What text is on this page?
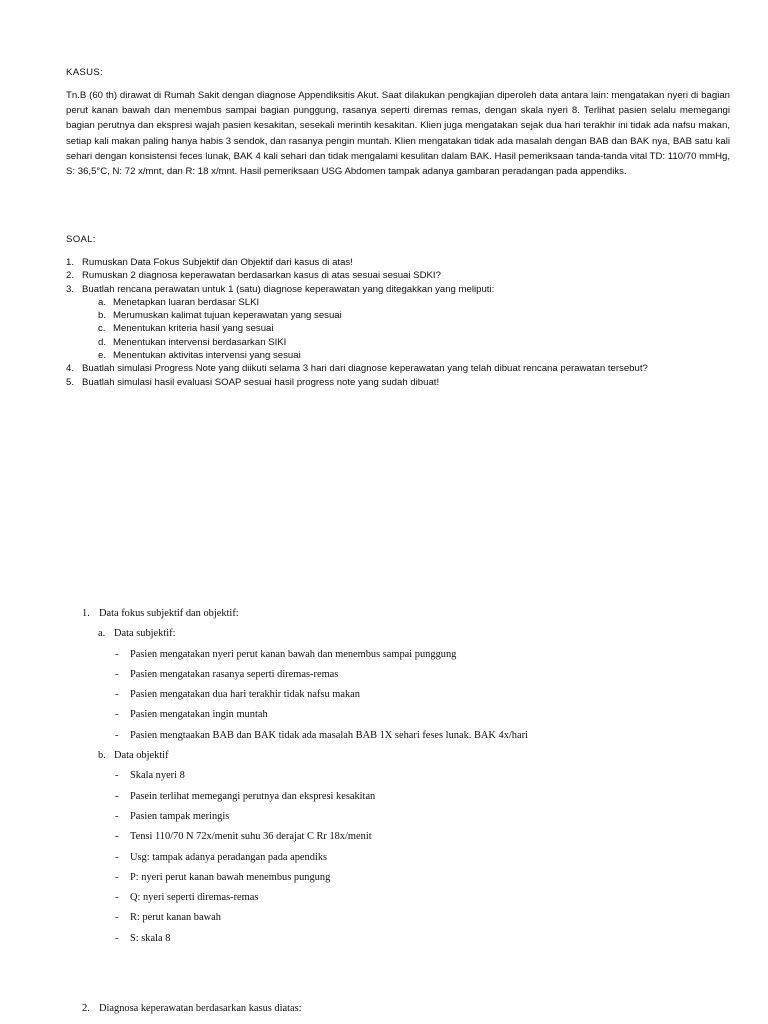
KASUS:

Tn.B (60 th) dirawat di Rumah Sakit dengan diagnose Appendiksitis Akut. Saat dilakukan pengkajian diperoleh data antara lain: mengatakan nyeri di bagian perut kanan bawah dan menembus sampai bagian punggung, rasanya seperti diremas remas, dengan skala nyeri 8. Terlihat pasien selalu memegangi bagian perutnya dan ekspresi wajah pasien kesakitan, sesekali merintih kesakitan. Klien juga mengatakan sejak dua hari terakhir ini tidak ada nafsu makan, setiap kali makan paling hanya habis 3 sendok, dan rasanya pengin muntah. Klien mengatakan tidak ada masalah dengan BAB dan BAK nya, BAB satu kali sehari dengan konsistensi feces lunak, BAK 4 kali sehari dan tidak mengalami kesulitan dalam BAK. Hasil pemeriksaan tanda-tanda vital TD: 110/70 mmHg, S: 36,5°C, N: 72 x/mnt, dan R: 18 x/mnt. Hasil pemeriksaan USG Abdomen tampak adanya gambaran peradangan pada appendiks.

SOAL:
1. Rumuskan Data Fokus Subjektif dan Objektif dari kasus di atas!
2. Rumuskan 2 diagnosa keperawatan berdasarkan kasus di atas sesuai sesuai SDKI?
3. Buatlah rencana perawatan untuk 1 (satu) diagnose keperawatan yang ditegakkan yang meliputi:
a. Menetapkan luaran berdasar SLKI
b. Merumuskan kalimat tujuan keperawatan yang sesuai
c. Menentukan kriteria hasil yang sesuai
d. Menentukan intervensi berdasarkan SIKI
e. Menentukan aktivitas intervensi yang sesuai
4. Buatlah simulasi Progress Note yang diikuti selama 3 hari dari diagnose keperawatan yang telah dibuat rencana perawatan tersebut?
5. Buatlah simulasi hasil evaluasi SOAP sesuai hasil progress note yang sudah dibuat!
1. Data fokus subjektif dan objektif:
a. Data subjektif:
- Pasien mengatakan nyeri perut kanan bawah dan menembus sampai punggung
- Pasien mengatakan rasanya seperti diremas-remas
- Pasien mengatakan dua hari terakhir tidak nafsu makan
- Pasien mengatakan ingin muntah
- Pasien mengtaakan BAB dan BAK tidak ada masalah BAB 1X sehari feses lunak. BAK 4x/hari
b. Data objektif
- Skala nyeri 8
- Pasein terlihat memegangi perutnya dan ekspresi kesakitan
- Pasien tampak meringis
- Tensi 110/70 N 72x/menit suhu 36 derajat C Rr 18x/menit
- Usg: tampak adanya peradangan pada apendiks
- P: nyeri perut kanan bawah menembus pungung
- Q: nyeri seperti diremas-remas
- R: perut kanan bawah
- S: skala 8
2. Diagnosa keperawatan berdasarkan kasus diatas:
